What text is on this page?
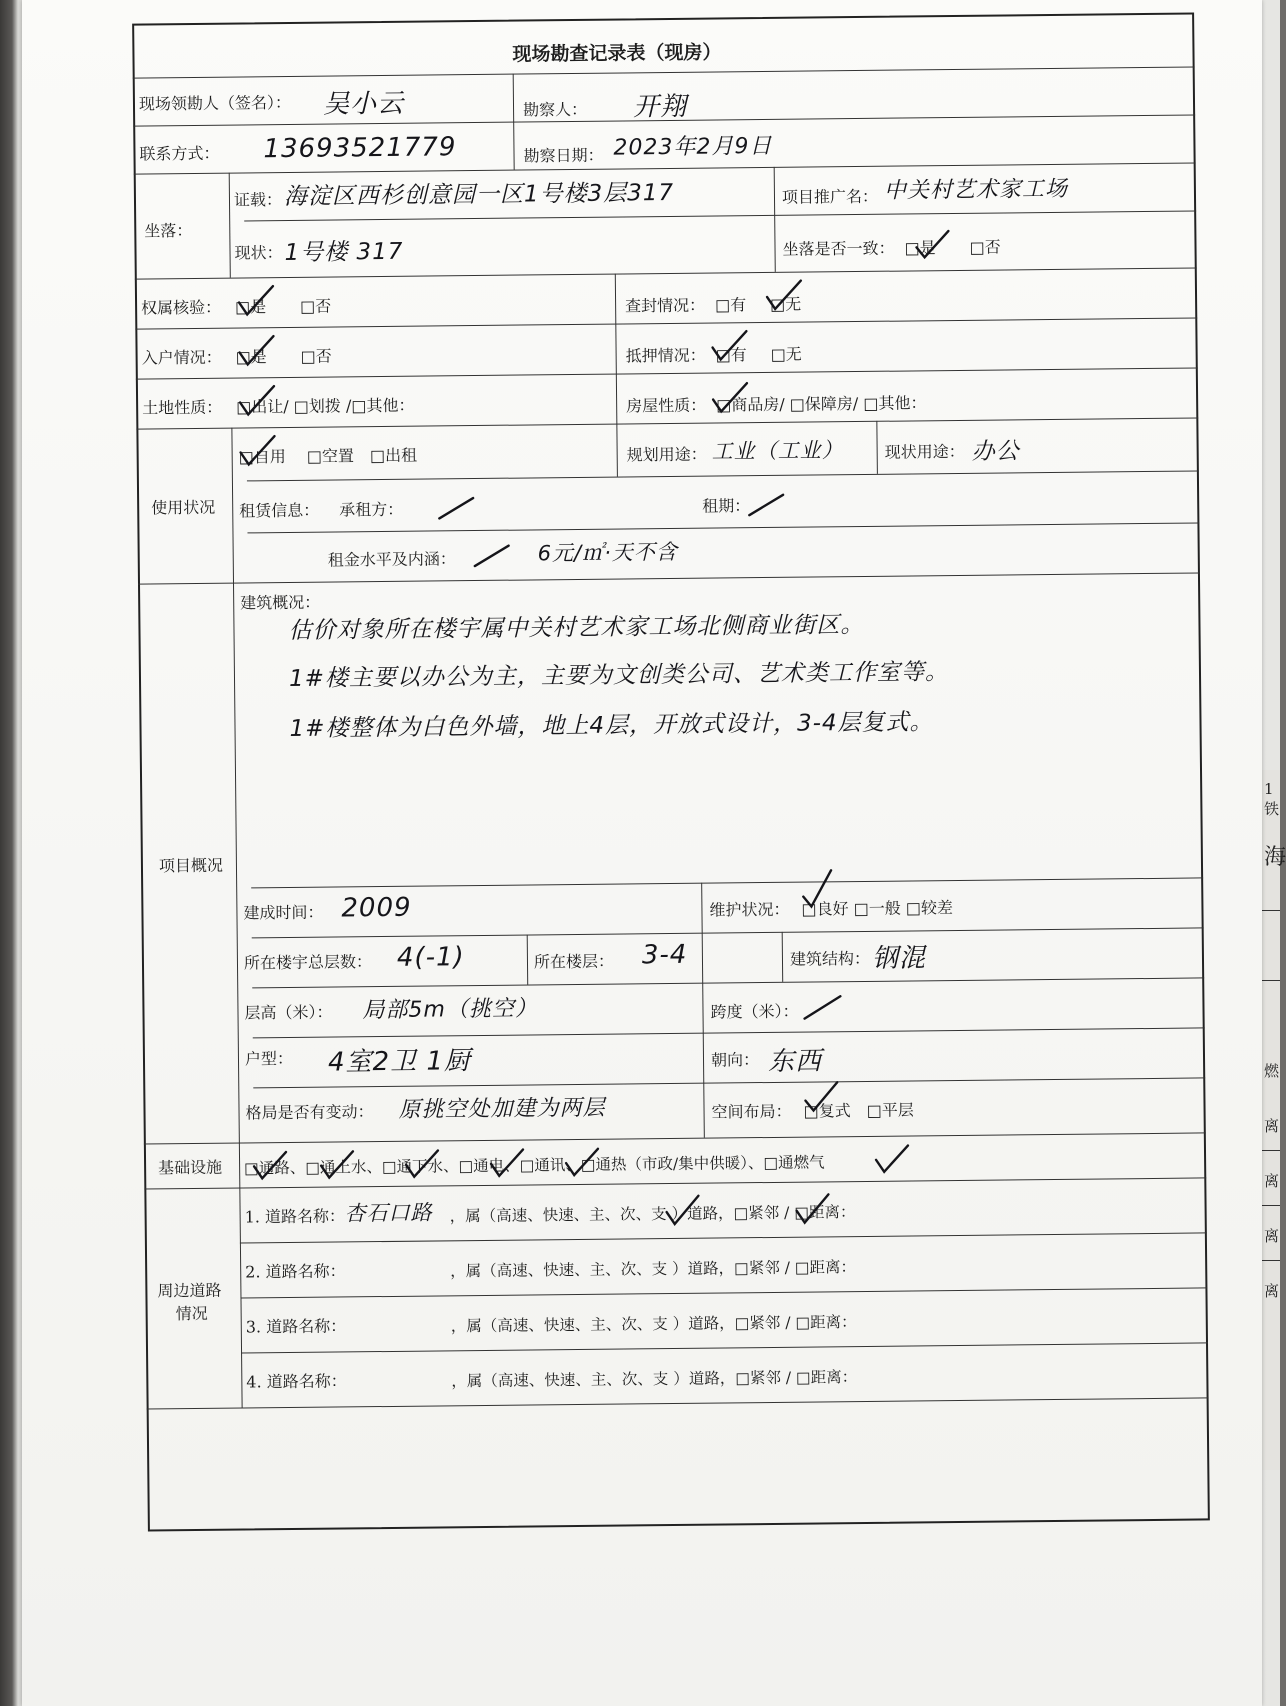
1铁
海
燃
离
离
离
离
现场勘查记录表（现房）
现场领勘人（签名）： 吴小云	勘察人： 开翔
联系方式： 13693521779	勘察日期： 2023年2月9日
坐落：
证载： 海淀区西杉创意园一区1号楼3层317	项目推广名： 中关村艺术家工场
现状： 1号楼 317	坐落是否一致： □是 □否
权属核验： □是 □否	查封情况： □有 □无
入户情况： □是 □否	抵押情况： □有 □无
土地性质： □出让/ □划拨 /□其他：	房屋性质： □商品房/ □保障房/ □其他：
使用状况
□自用　 □空置　□出租	规划用途： 工业（工业）	现状用途： 办公
租赁信息： 承租方：	租期：
租金水平及内涵：	6元/㎡·天不含
项目概况
建筑概况：
估价对象所在楼宇属中关村艺术家工场北侧商业街区。
1#楼主要以办公为主，主要为文创类公司、艺术类工作室等。
1#楼整体为白色外墙，地上4层，开放式设计，3-4层复式。
建成时间： 2009	维护状况： □良好 □一般 □较差
所在楼宇总层数： 4(-1)	所在楼层： 3-4	建筑结构： 钢混
层高（米）： 局部5m（挑空）	跨度（米）：
户型： 4室2卫 1厨	朝向： 东西
格局是否有变动： 原挑空处加建为两层	空间布局： □复式　□平层
基础设施 □通路、□通上水、□通下水、□通电、□通讯、□通热（市政/集中供暖）、□通燃气
周边道路
情况
1. 道路名称： 杏石口路 ，属（高速、快速、主、次、支 ）道路，□紧邻 / □距离：
2. 道路名称：	，属（高速、快速、主、次、支 ）道路，□紧邻 / □距离：
3. 道路名称：	，属（高速、快速、主、次、支 ）道路，□紧邻 / □距离：
4. 道路名称：	，属（高速、快速、主、次、支 ）道路，□紧邻 / □距离：
